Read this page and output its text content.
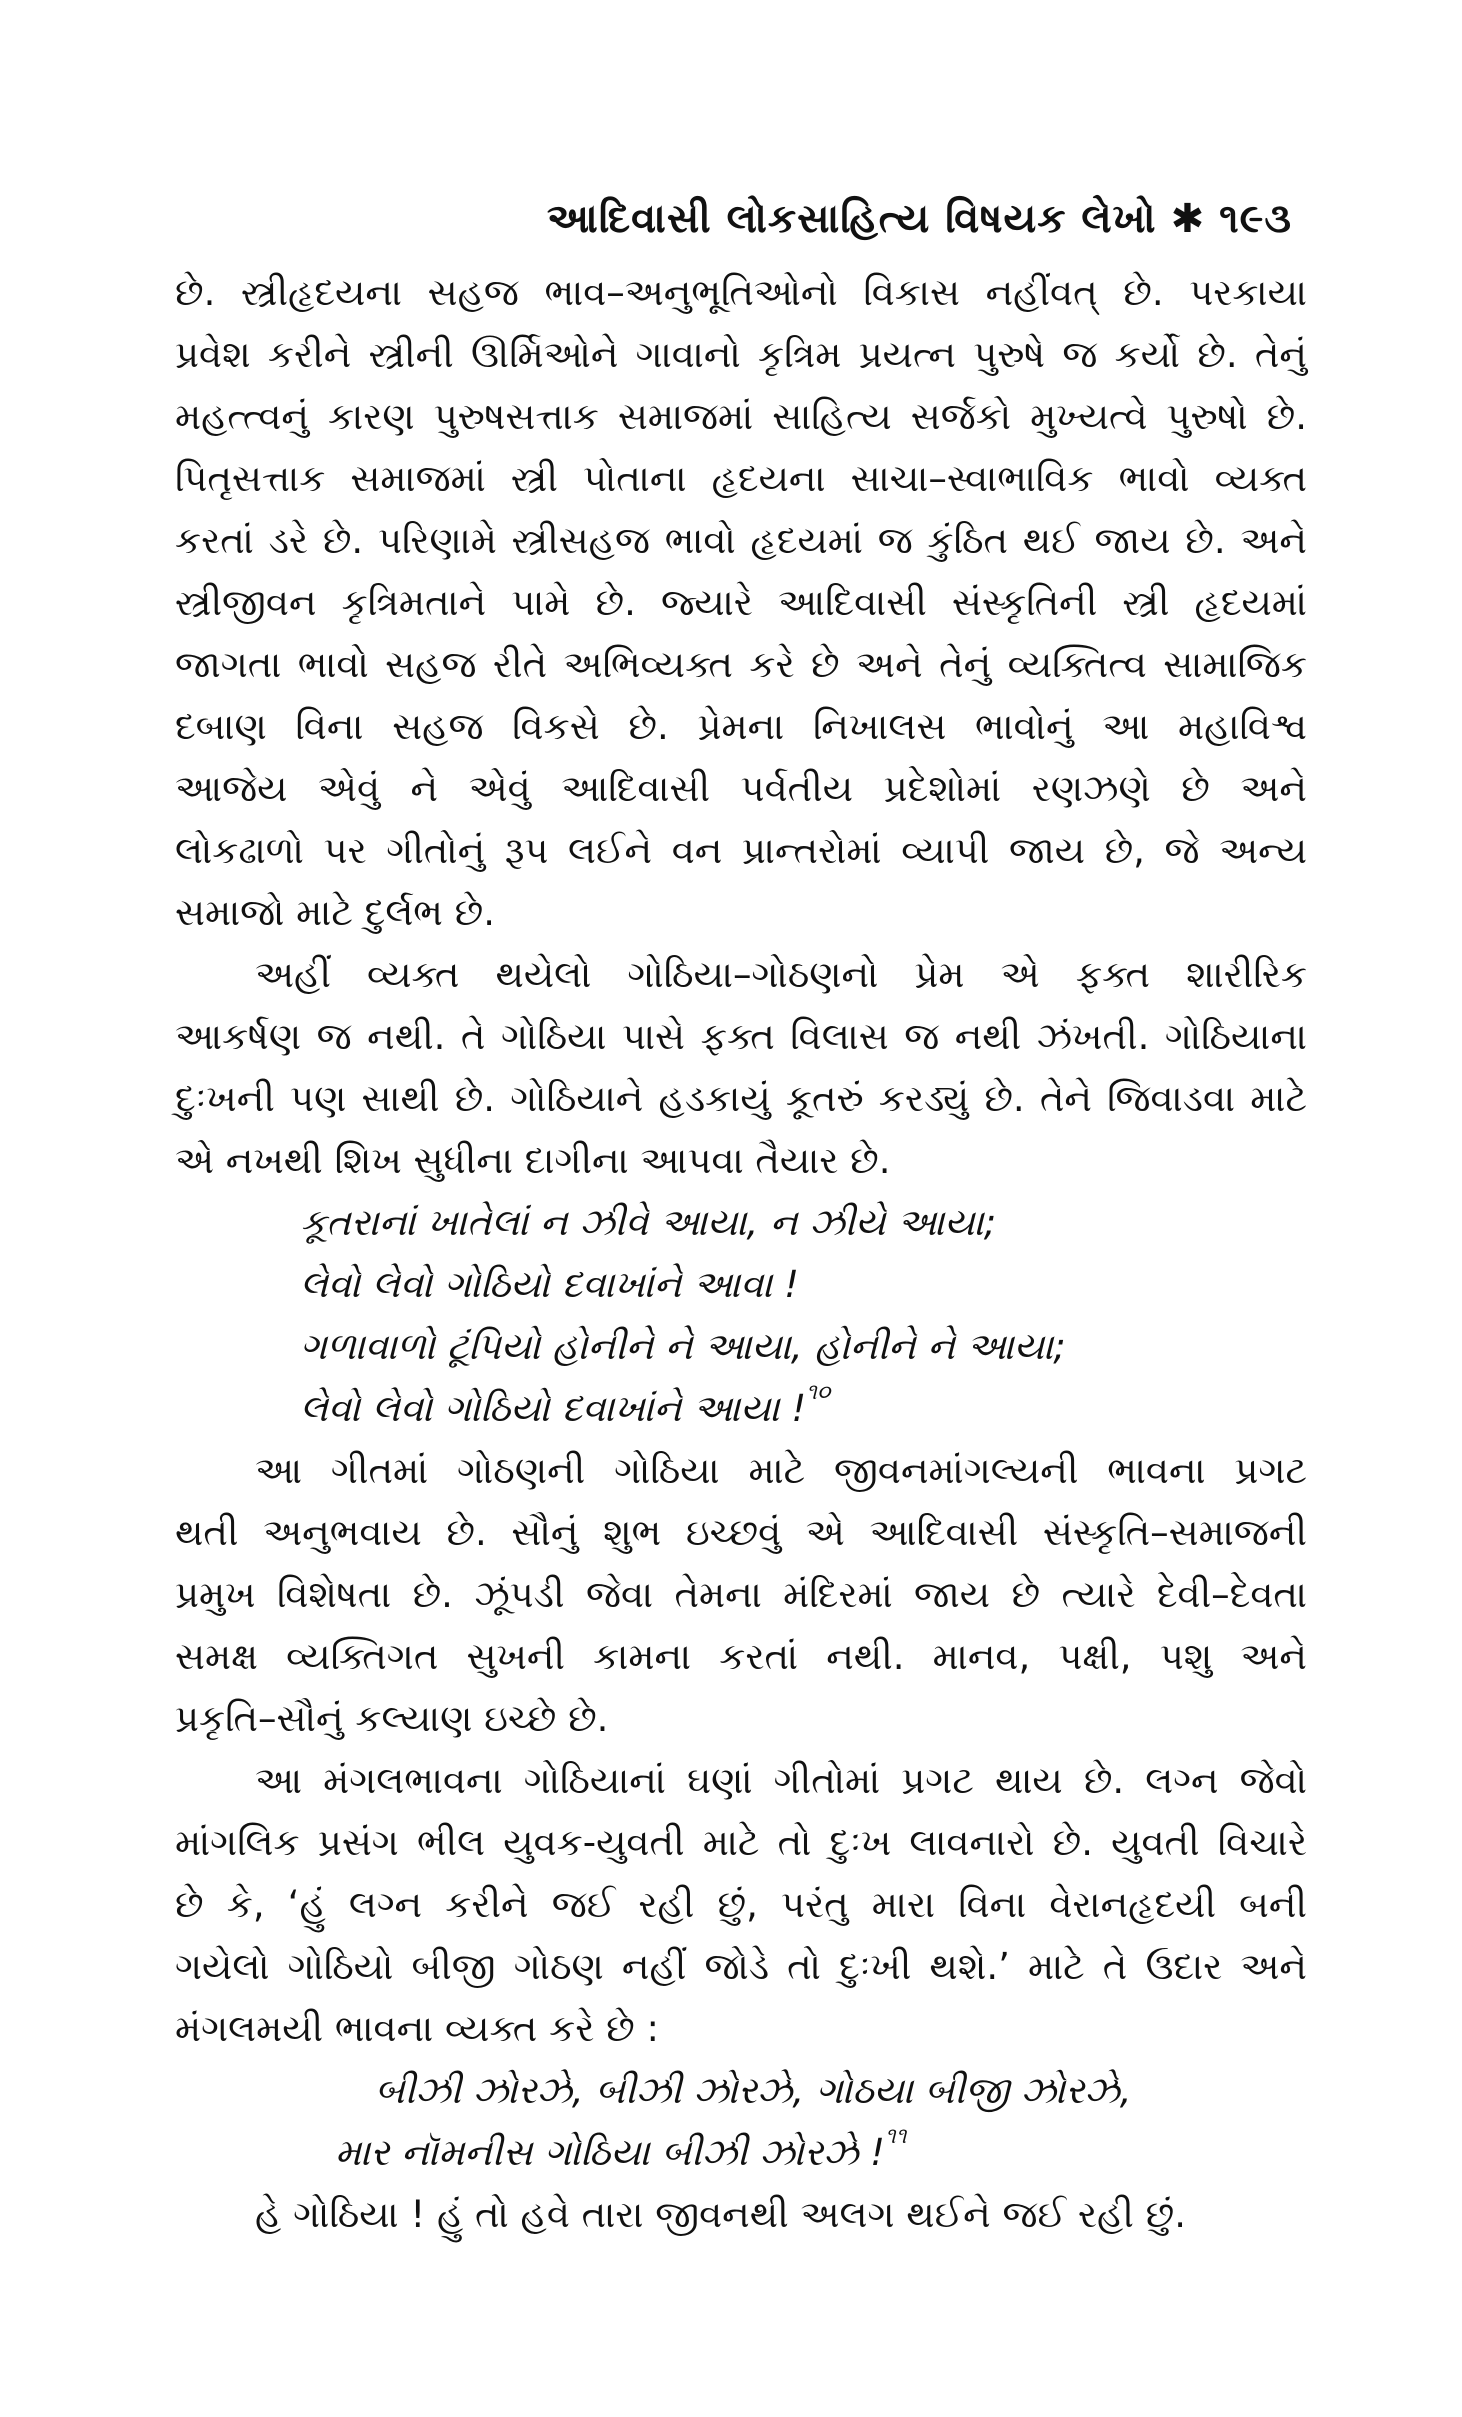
આદિવાસી લોકસાહિત્ય વિષયક લેખો ✱ ૧૯૩
છે. સ્ત્રીહૃદયના સહજ ભાવ–અનુભૂતિઓનો વિકાસ નહીંવત્ છે. પરકાયા
પ્રવેશ કરીને સ્ત્રીની ઊર્મિઓને ગાવાનો કૃત્રિમ પ્રયત્ન પુરુષે જ કર્યો છે. તેનું
મહત્ત્વનું કારણ પુરુષસત્તાક સમાજમાં સાહિત્ય સર્જકો મુખ્યત્વે પુરુષો છે.
પિતૃસત્તાક સમાજમાં સ્ત્રી પોતાના હૃદયના સાચા–સ્વાભાવિક ભાવો વ્યક્ત
કરતાં ડરે છે. પરિણામે સ્ત્રીસહજ ભાવો હૃદયમાં જ કુંઠિત થઈ જાય છે. અને
સ્ત્રીજીવન કૃત્રિમતાને પામે છે. જ્યારે આદિવાસી સંસ્કૃતિની સ્ત્રી હૃદયમાં
જાગતા ભાવો સહજ રીતે અભિવ્યક્ત કરે છે અને તેનું વ્યક્તિત્વ સામાજિક
દબાણ વિના સહજ વિકસે છે. પ્રેમના નિખાલસ ભાવોનું આ મહાવિશ્વ
આજેય એવું ને એવું આદિવાસી પર્વતીય પ્રદેશોમાં રણઝણે છે અને
લોકઢાળો પર ગીતોનું રૂપ લઈને વન પ્રાન્તરોમાં વ્યાપી જાય છે, જે અન્ય
સમાજો માટે દુર્લભ છે.
અહીં વ્યક્ત થયેલો ગોઠિયા–ગોઠણનો પ્રેમ એ ફક્ત શારીરિક
આકર્ષણ જ નથી. તે ગોઠિયા પાસે ફક્ત વિલાસ જ નથી ઝંખતી. ગોઠિયાના
દુઃખની પણ સાથી છે. ગોઠિયાને હડકાયું કૂતરું કરડ્યું છે. તેને જિવાડવા માટે
એ નખથી શિખ સુધીના દાગીના આપવા તૈયાર છે.
કૂતરાનાં ખાતેલાં ન ઝીવે આયા, ન ઝીયે આયા;
લેવો લેવો ગોઠિયો દવાખાંને આવા !
ગળાવાળો ટૂંપિયો હોનીને ને આયા, હોનીને ને આયા;
લેવો લેવો ગોઠિયો દવાખાંને આયા !$^{૧૦}$
આ ગીતમાં ગોઠણની ગોઠિયા માટે જીવનમાંગલ્યની ભાવના પ્રગટ
થતી અનુભવાય છે. સૌનું શુભ ઇચ્છવું એ આદિવાસી સંસ્કૃતિ–સમાજની
પ્રમુખ વિશેષતા છે. ઝૂંપડી જેવા તેમના મંદિરમાં જાય છે ત્યારે દેવી–દેવતા
સમક્ષ વ્યક્તિગત સુખની કામના કરતાં નથી. માનવ, પક્ષી, પશુ અને
પ્રકૃતિ–સૌનું કલ્યાણ ઇચ્છે છે.
આ મંગલભાવના ગોઠિયાનાં ઘણાં ગીતોમાં પ્રગટ થાય છે. લગ્ન જેવો
માંગલિક પ્રસંગ ભીલ યુવક-યુવતી માટે તો દુઃખ લાવનારો છે. યુવતી વિચારે
છે કે, ‘હું લગ્ન કરીને જઈ રહી છું, પરંતુ મારા વિના વેરાનહૃદયી બની
ગયેલો ગોઠિયો બીજી ગોઠણ નહીં જોડે તો દુઃખી થશે.’ માટે તે ઉદાર અને
મંગલમયી ભાવના વ્યક્ત કરે છે :
બીઝી ઝોરઝે, બીઝી ઝોરઝે, ગોઠયા બીજી ઝોરઝે,
માર નૉમનીસ ગોઠિયા બીઝી ઝોરઝે !$^{૧૧}$
હે ગોઠિયા ! હું તો હવે તારા જીવનથી અલગ થઈને જઈ રહી છું.
